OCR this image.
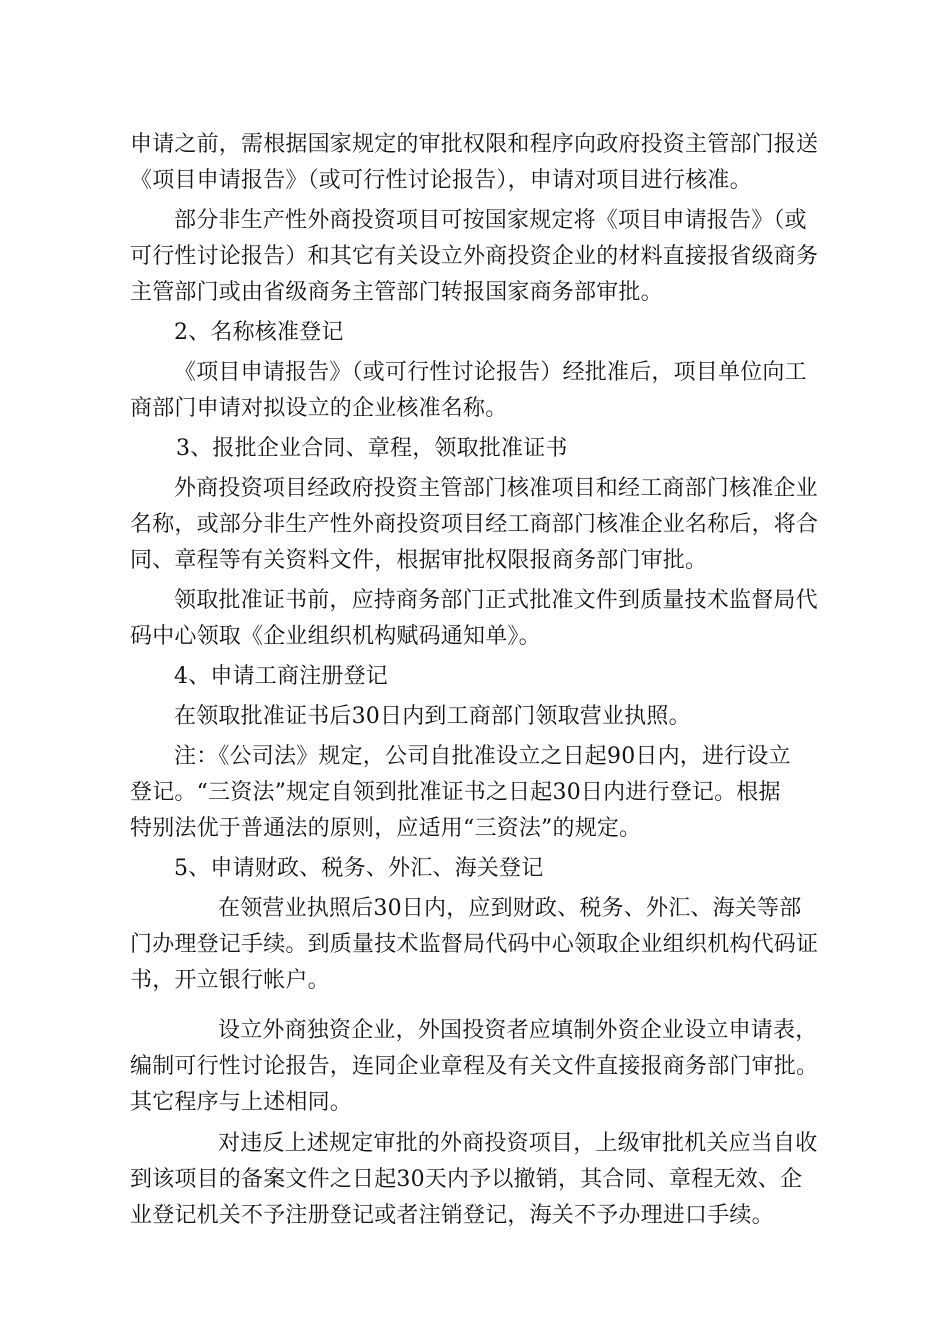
申请之前，需根据国家规定的审批权限和程序向政府投资主管部门报送
《项目申请报告》（或可行性讨论报告），申请对项目进行核准。
部分非生产性外商投资项目可按国家规定将《项目申请报告》（或
可行性讨论报告）和其它有关设立外商投资企业的材料直接报省级商务
主管部门或由省级商务主管部门转报国家商务部审批。
2、名称核准登记
《项目申请报告》（或可行性讨论报告）经批准后，项目单位向工
商部门申请对拟设立的企业核准名称。
3、报批企业合同、章程，领取批准证书
外商投资项目经政府投资主管部门核准项目和经工商部门核准企业
名称，或部分非生产性外商投资项目经工商部门核准企业名称后，将合
同、章程等有关资料文件，根据审批权限报商务部门审批。
领取批准证书前，应持商务部门正式批准文件到质量技术监督局代
码中心领取《企业组织机构赋码通知单》。
4、申请工商注册登记
在领取批准证书后30日内到工商部门领取营业执照。
注：《公司法》规定，公司自批准设立之日起90日内，进行设立
登记。“三资法”规定自领到批准证书之日起30日内进行登记。根据
特别法优于普通法的原则，应适用“三资法”的规定。
5、申请财政、税务、外汇、海关登记
在领营业执照后30日内，应到财政、税务、外汇、海关等部
门办理登记手续。到质量技术监督局代码中心领取企业组织机构代码证
书，开立银行帐户。
设立外商独资企业，外国投资者应填制外资企业设立申请表，
编制可行性讨论报告，连同企业章程及有关文件直接报商务部门审批。
其它程序与上述相同。
对违反上述规定审批的外商投资项目，上级审批机关应当自收
到该项目的备案文件之日起30天内予以撤销，其合同、章程无效、企
业登记机关不予注册登记或者注销登记，海关不予办理进口手续。
